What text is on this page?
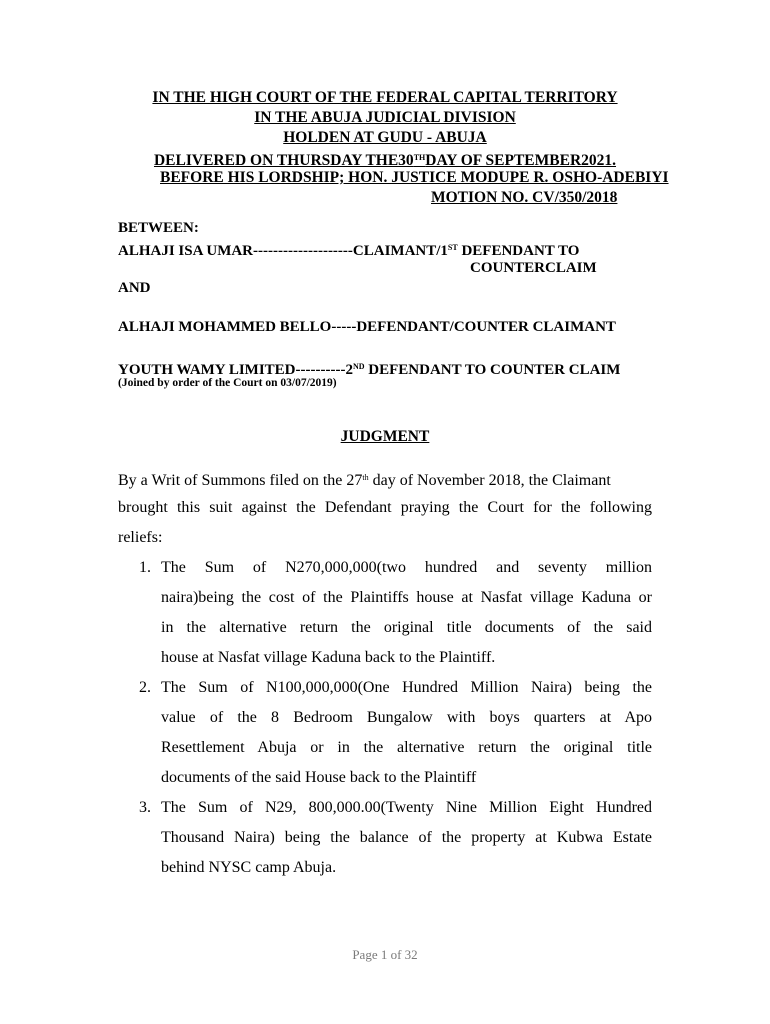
IN THE HIGH COURT OF THE FEDERAL CAPITAL TERRITORY
IN THE ABUJA JUDICIAL DIVISION
HOLDEN AT GUDU - ABUJA
DELIVERED ON THURSDAY THE30THDAY OF SEPTEMBER2021.
BEFORE HIS LORDSHIP; HON. JUSTICE MODUPE R. OSHO-ADEBIYI
MOTION NO. CV/350/2018
BETWEEN:
ALHAJI ISA UMAR--------------------CLAIMANT/1ST DEFENDANT TO
COUNTERCLAIM
AND
ALHAJI MOHAMMED BELLO-----DEFENDANT/COUNTER CLAIMANT
YOUTH WAMY LIMITED----------2ND DEFENDANT TO COUNTER CLAIM
(Joined by order of the Court on 03/07/2019)
JUDGMENT
By a Writ of Summons filed on the 27th day of November 2018, the Claimant
brought this suit against the Defendant praying the Court for the following
reliefs:
1. The Sum of N270,000,000(two hundred and seventy million
naira)being the cost of the Plaintiffs house at Nasfat village Kaduna or
in the alternative return the original title documents of the said
house at Nasfat village Kaduna back to the Plaintiff.
2. The Sum of N100,000,000(One Hundred Million Naira) being the
value of the 8 Bedroom Bungalow with boys quarters at Apo
Resettlement Abuja or in the alternative return the original title
documents of the said House back to the Plaintiff
3. The Sum of N29, 800,000.00(Twenty Nine Million Eight Hundred
Thousand Naira) being the balance of the property at Kubwa Estate
behind NYSC camp Abuja.
Page 1 of 32
